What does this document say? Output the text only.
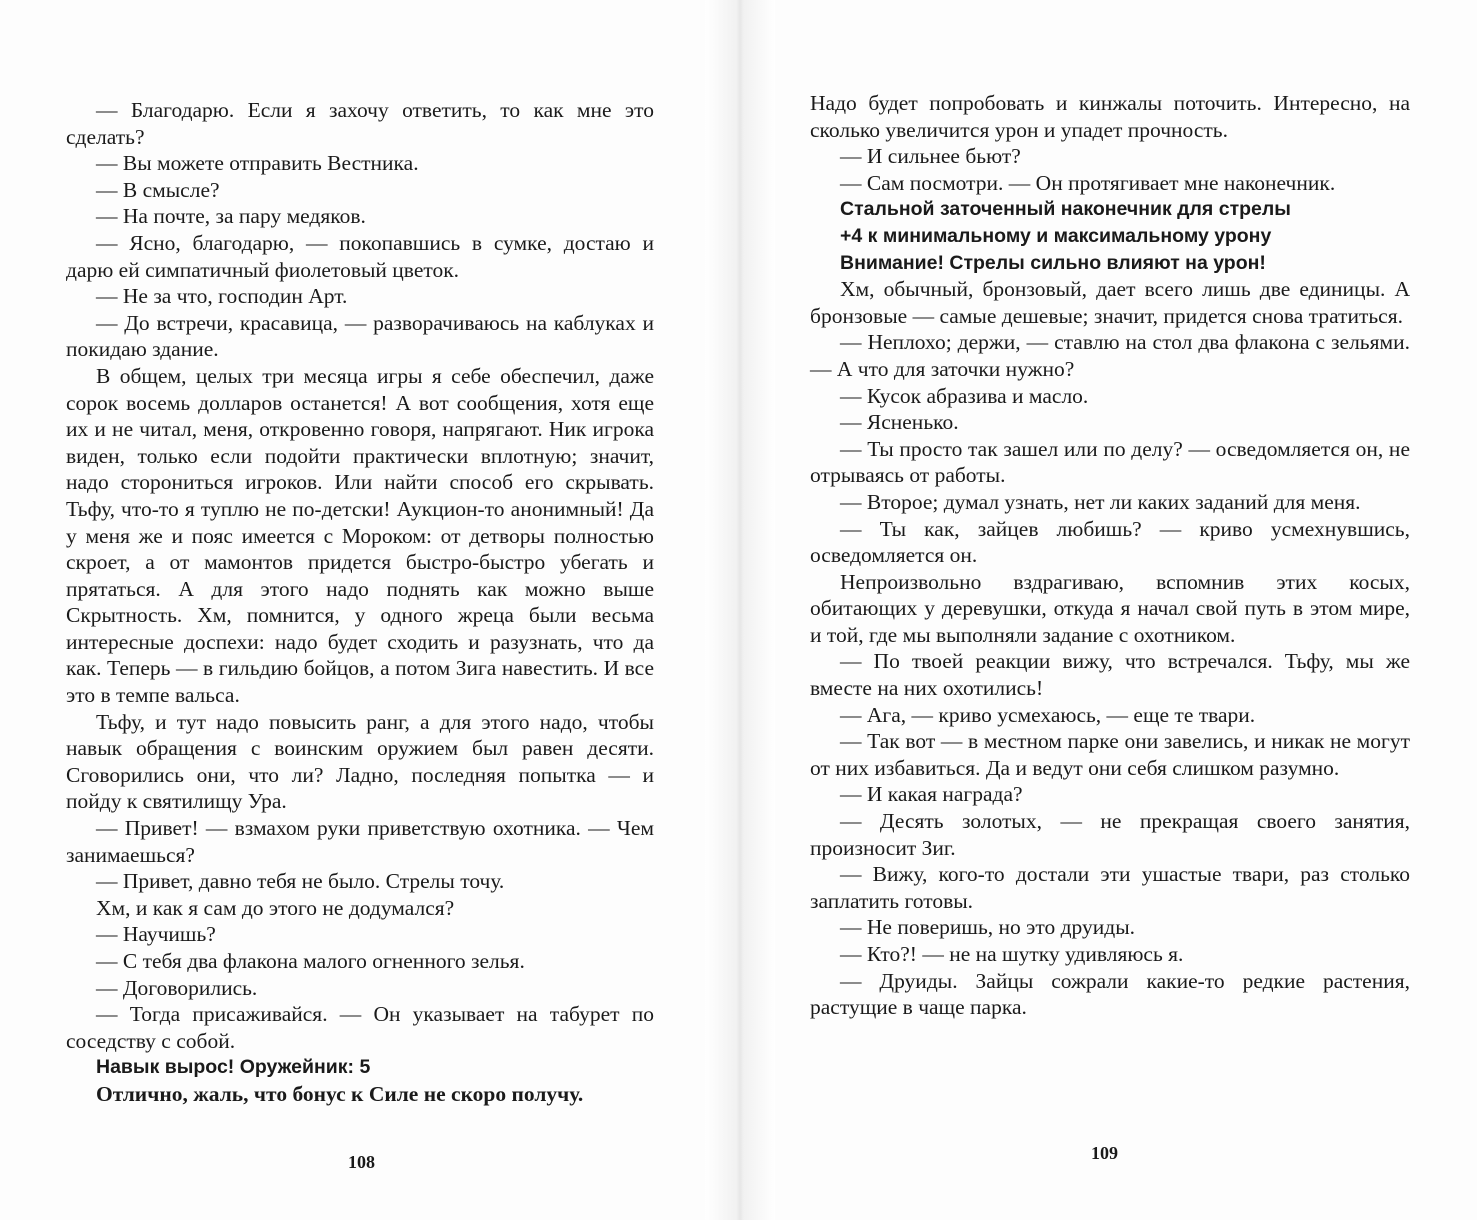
— Благодарю. Если я захочу ответить, то как мне это сделать?

— Вы можете отправить Вестника.

— В смысле?

— На почте, за пару медяков.

— Ясно, благодарю, — покопавшись в сумке, достаю и дарю ей симпатичный фиолетовый цветок.

— Не за что, господин Арт.

— До встречи, красавица, — разворачиваюсь на каблуках и покидаю здание.

В общем, целых три месяца игры я себе обеспечил, даже сорок восемь долларов останется! А вот сообщения, хотя еще их и не читал, меня, откровенно говоря, напрягают. Ник игрока виден, только если подойти практически вплотную; значит, надо сторониться игроков. Или найти способ его скрывать. Тьфу, что-то я туплю не по-детски! Аукцион-то анонимный! Да у меня же и пояс имеется с Мороком: от детворы полностью скроет, а от мамонтов придется быстро-быстро убегать и прятаться. А для этого надо поднять как можно выше Скрытность. Хм, помнится, у одного жреца были весьма интересные доспехи: надо будет сходить и разузнать, что да как. Теперь — в гильдию бойцов, а потом Зига навестить. И все это в темпе вальса.

Тьфу, и тут надо повысить ранг, а для этого надо, чтобы навык обращения с воинским оружием был равен десяти. Сговорились они, что ли? Ладно, последняя попытка — и пойду к святилищу Ура.

— Привет! — взмахом руки приветствую охотника. — Чем занимаешься?

— Привет, давно тебя не было. Стрелы точу.

Хм, и как я сам до этого не додумался?

— Научишь?

— С тебя два флакона малого огненного зелья.

— Договорились.

— Тогда присаживайся. — Он указывает на табурет по соседству с собой.

Навык вырос! Оружейник: 5

Отлично, жаль, что бонус к Силе не скоро получу.

108

Надо будет попробовать и кинжалы поточить. Интересно, на сколько увеличится урон и упадет прочность.

— И сильнее бьют?

— Сам посмотри. — Он протягивает мне наконечник.

Стальной заточенный наконечник для стрелы

+4 к минимальному и максимальному урону

Внимание! Стрелы сильно влияют на урон!

Хм, обычный, бронзовый, дает всего лишь две единицы. А бронзовые — самые дешевые; значит, придется снова тратиться.

— Неплохо; держи, — ставлю на стол два флакона с зельями. — А что для заточки нужно?

— Кусок абразива и масло.

— Ясненько.

— Ты просто так зашел или по делу? — осведомляется он, не отрываясь от работы.

— Второе; думал узнать, нет ли каких заданий для меня.

— Ты как, зайцев любишь? — криво усмехнувшись, осведомляется он.

Непроизвольно вздрагиваю, вспомнив этих косых, обитающих у деревушки, откуда я начал свой путь в этом мире, и той, где мы выполняли задание с охотником.

— По твоей реакции вижу, что встречался. Тьфу, мы же вместе на них охотились!

— Ага, — криво усмехаюсь, — еще те твари.

— Так вот — в местном парке они завелись, и никак не могут от них избавиться. Да и ведут они себя слишком разумно.

— И какая награда?

— Десять золотых, — не прекращая своего занятия, произносит Зиг.

— Вижу, кого-то достали эти ушастые твари, раз столько заплатить готовы.

— Не поверишь, но это друиды.

— Кто?! — не на шутку удивляюсь я.

— Друиды. Зайцы сожрали какие-то редкие растения, растущие в чаще парка.

109
